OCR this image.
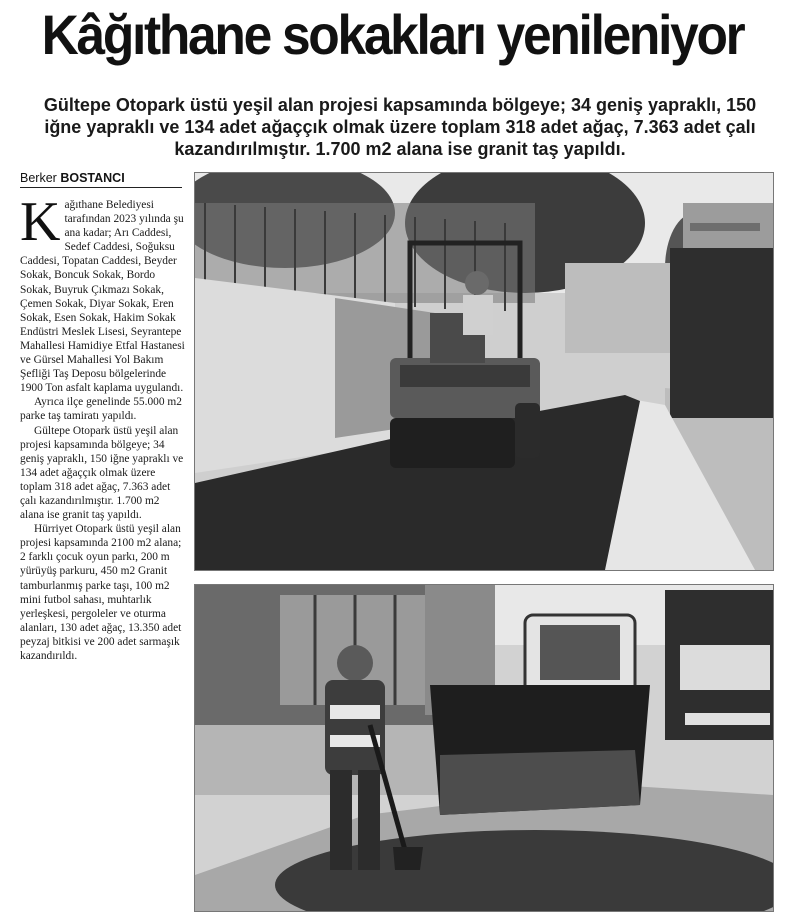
Kâğıthane sokakları yenileniyor

Gültepe Otopark üstü yeşil alan projesi kapsamında bölgeye; 34 geniş yapraklı, 150 iğne yapraklı ve 134 adet ağaççık olmak üzere toplam 318 adet ağaç, 7.363 adet çalı kazandırılmıştır. 1.700 m2 alana ise granit taş yapıldı.

Berker BOSTANCI

Kağıthane Belediyesi tarafından 2023 yılında şu ana kadar; Arı Caddesi, Sedef Caddesi, Soğuksu Caddesi, Topatan Caddesi, Beyder Sokak, Boncuk Sokak, Bordo Sokak, Buyruk Çıkmazı Sokak, Çemen Sokak, Diyar Sokak, Eren Sokak, Esen Sokak, Hakim Sokak Endüstri Meslek Lisesi, Seyrantepe Mahallesi Hamidiye Etfal Hastanesi ve Gürsel Mahallesi Yol Bakım Şefliği Taş Deposu bölgelerinde 1900 Ton asfalt kaplama uygulandı.

Ayrıca ilçe genelinde 55.000 m2 parke taş tamiratı yapıldı.

Gültepe Otopark üstü yeşil alan projesi kapsamında bölgeye; 34 geniş yapraklı, 150 iğne yapraklı ve 134 adet ağaççık olmak üzere toplam 318 adet ağaç, 7.363 adet çalı kazandırılmıştır. 1.700 m2 alana ise granit taş yapıldı.

Hürriyet Otopark üstü yeşil alan projesi kapsamında 2100 m2 alana; 2 farklı çocuk oyun parkı, 200 m yürüyüş parkuru, 450 m2 Granit tamburlanmış parke taşı, 100 m2 mini futbol sahası, muhtarlık yerleşkesi, pergoleler ve oturma alanları, 130 adet ağaç, 13.350 adet peyzaj bitkisi ve 200 adet sarmaşık kazandırıldı.
